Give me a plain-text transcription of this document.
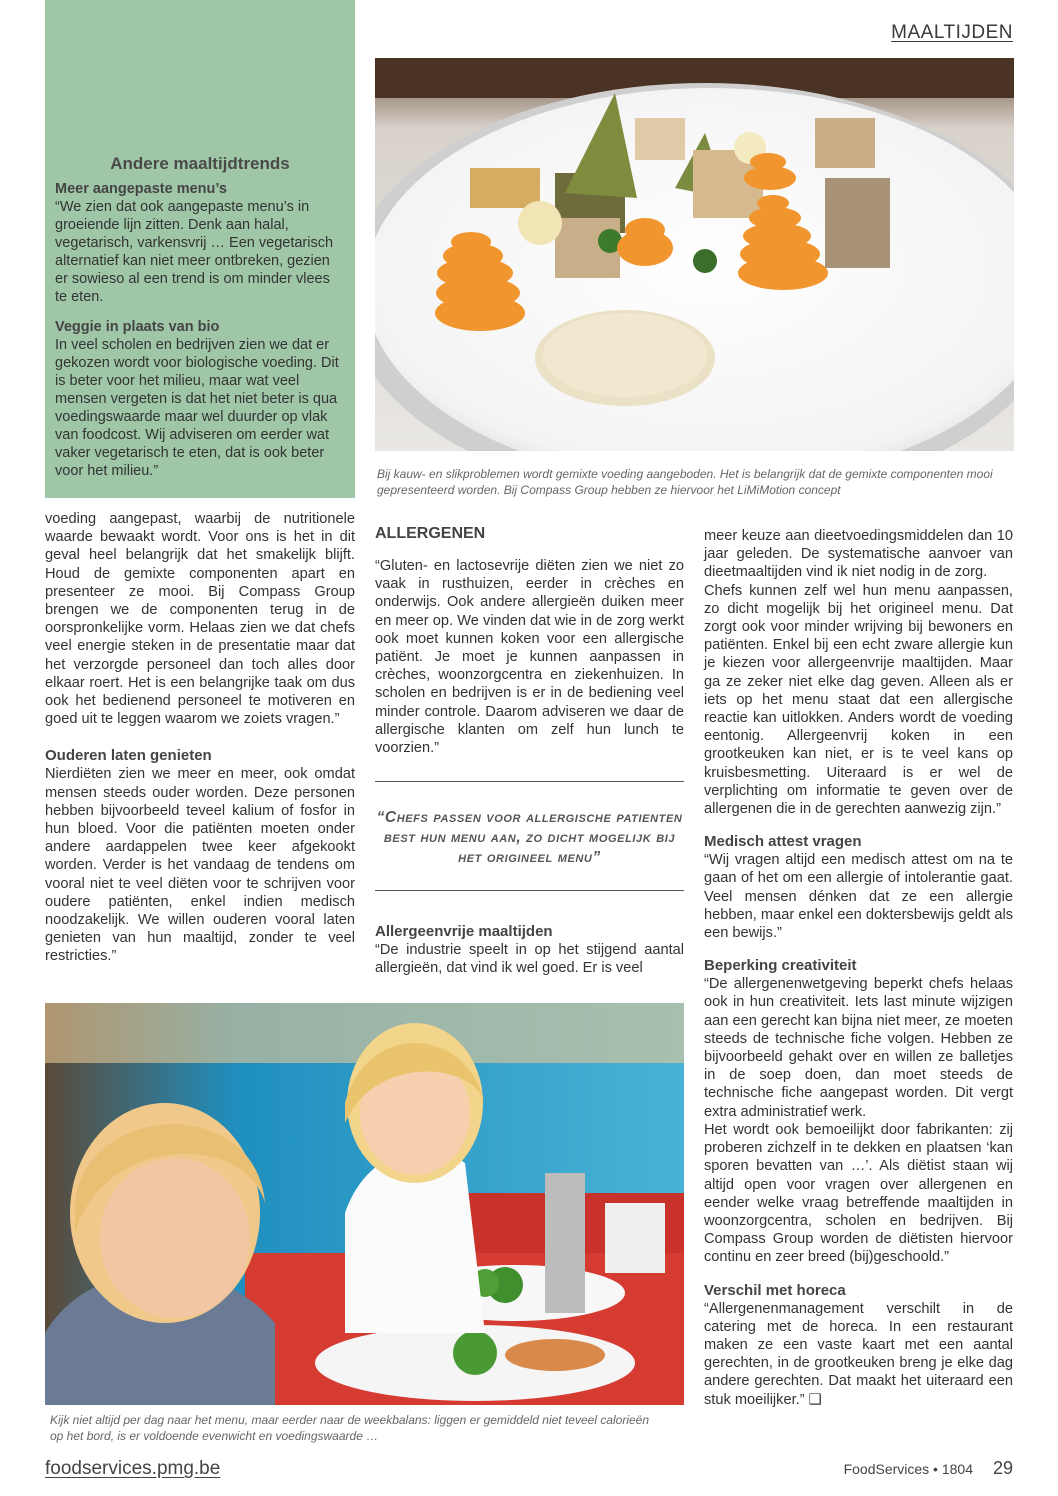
MAALTIJDEN
Andere maaltijdtrends

Meer aangepaste menu’s

“We zien dat ook aangepaste menu’s in groeiende lijn zitten. Denk aan halal, vegetarisch, varkensvrij … Een vegetarisch alternatief kan niet meer ontbreken, gezien er sowieso al een trend is om minder vlees te eten.

Veggie in plaats van bio

In veel scholen en bedrijven zien we dat er gekozen wordt voor biologische voeding. Dit is beter voor het milieu, maar wat veel mensen vergeten is dat het niet beter is qua voedingswaarde maar wel duurder op vlak van foodcost. Wij adviseren om eerder wat vaker vegetarisch te eten, dat is ook beter voor het milieu.”	Bij kauw- en slikproblemen wordt gemixte voeding aangeboden. Het is belangrijk dat de gemixte componenten mooi gepresenteerd worden. Bij Compass Group hebben ze hiervoor het LiMiMotion concept

voeding aangepast, waarbij de nutritionele waarde bewaakt wordt. Voor ons is het in dit geval heel belangrijk dat het smakelijk blijft. Houd de gemixte componenten apart en presenteer ze mooi. Bij Compass Group brengen we de componenten terug in de oorspronkelijke vorm. Helaas zien we dat chefs veel energie steken in de presentatie maar dat het verzorgde personeel dan toch alles door elkaar roert. Het is een belangrijke taak om dus ook het bedienend personeel te motiveren en goed uit te leggen waarom we zoiets vragen.”

Ouderen laten genieten

Nierdiëten zien we meer en meer, ook omdat mensen steeds ouder worden. Deze personen hebben bijvoorbeeld teveel kalium of fosfor in hun bloed. Voor die patiënten moeten onder andere aardappelen twee keer afgekookt worden. Verder is het vandaag de tendens om vooral niet te veel diëten voor te schrijven voor oudere patiënten, enkel indien medisch noodzakelijk. We willen ouderen vooral laten genieten van hun maaltijd, zonder te veel restricties.”

ALLERGENEN

“Gluten- en lactosevrije diëten zien we niet zo vaak in rusthuizen, eerder in crèches en onderwijs. Ook andere allergieën duiken meer en meer op. We vinden dat wie in de zorg werkt ook moet kunnen koken voor een allergische patiënt. Je moet je kunnen aanpassen in crèches, woonzorgcentra en ziekenhuizen. In scholen en bedrijven is er in de bediening veel minder controle. Daarom adviseren we daar de allergische klanten om zelf hun lunch te voorzien.”

“Chefs passen voor allergische patienten best hun menu aan, zo dicht mogelijk bij het origineel menu”

Allergeenvrije maaltijden

“De industrie speelt in op het stijgend aantal allergieën, dat vind ik wel goed. Er is veel

meer keuze aan dieetvoedingsmiddelen dan 10 jaar geleden. De systematische aanvoer van dieetmaaltijden vind ik niet nodig in de zorg.

Chefs kunnen zelf wel hun menu aanpassen, zo dicht mogelijk bij het origineel menu. Dat zorgt ook voor minder wrijving bij bewoners en patiënten. Enkel bij een echt zware allergie kun je kiezen voor allergeenvrije maaltijden. Maar ga ze zeker niet elke dag geven. Alleen als er iets op het menu staat dat een allergische reactie kan uitlokken. Anders wordt de voeding eentonig. Allergeenvrij koken in een grootkeuken kan niet, er is te veel kans op kruisbesmetting. Uiteraard is er wel de verplichting om informatie te geven over de allergenen die in de gerechten aanwezig zijn.”

Medisch attest vragen

“Wij vragen altijd een medisch attest om na te gaan of het om een allergie of intolerantie gaat. Veel mensen dénken dat ze een allergie hebben, maar enkel een doktersbewijs geldt als een bewijs.”

Beperking creativiteit

“De allergenenwetgeving beperkt chefs helaas ook in hun creativiteit. Iets last minute wijzigen aan een gerecht kan bijna niet meer, ze moeten steeds de technische fiche volgen. Hebben ze bijvoorbeeld gehakt over en willen ze balletjes in de soep doen, dan moet steeds de technische fiche aangepast worden. Dit vergt extra administratief werk.

Het wordt ook bemoeilijkt door fabrikanten: zij proberen zichzelf in te dekken en plaatsen ‘kan sporen bevatten van …’. Als diëtist staan wij altijd open voor vragen over allergenen en eender welke vraag betreffende maaltijden in woonzorgcentra, scholen en bedrijven. Bij Compass Group worden de diëtisten hiervoor continu en zeer breed (bij)geschoold.”

Verschil met horeca

“Allergenenmanagement verschilt in de catering met de horeca. In een restaurant maken ze een vaste kaart met een aantal gerechten, in de grootkeuken breng je elke dag andere gerechten. Dat maakt het uiteraard een stuk moeilijker.” ❑

Kijk niet altijd per dag naar het menu, maar eerder naar de weekbalans: liggen er gemiddeld niet teveel calorieën op het bord, is er voldoende evenwicht en voedingswaarde …
foodservices.pmg.be	FoodServices • 1804 29
